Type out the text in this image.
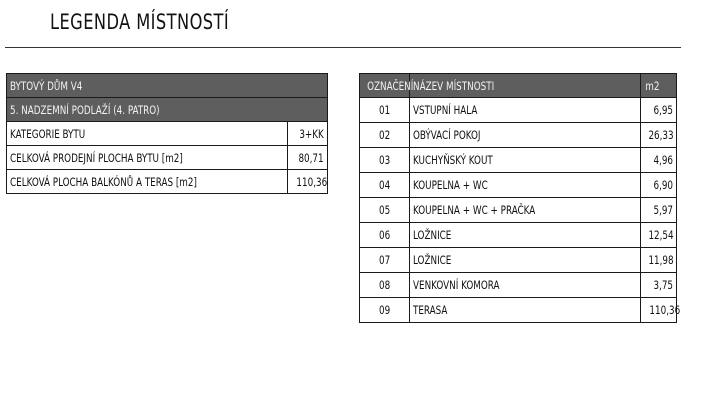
LEGENDA MÍSTNOSTÍ
BYTOVÝ DŮM V4	
5. NADZEMNÍ PODLAŽÍ (4. PATRO)	
KATEGORIE BYTU	3+KK
CELKOVÁ PRODEJNÍ PLOCHA BYTU [m2]	80,71
CELKOVÁ PLOCHA BALKÓNŮ A TERAS [m2]	110,36
OZNAČENÍ	NÁZEV MÍSTNOSTI	m2
01	VSTUPNÍ HALA	6,95
02	OBÝVACÍ POKOJ	26,33
03	KUCHYŇSKÝ KOUT	4,96
04	KOUPELNA + WC	6,90
05	KOUPELNA + WC + PRAČKA	5,97
06	LOŽNICE	12,54
07	LOŽNICE	11,98
08	VENKOVNÍ KOMORA	3,75
09	TERASA	110,36
